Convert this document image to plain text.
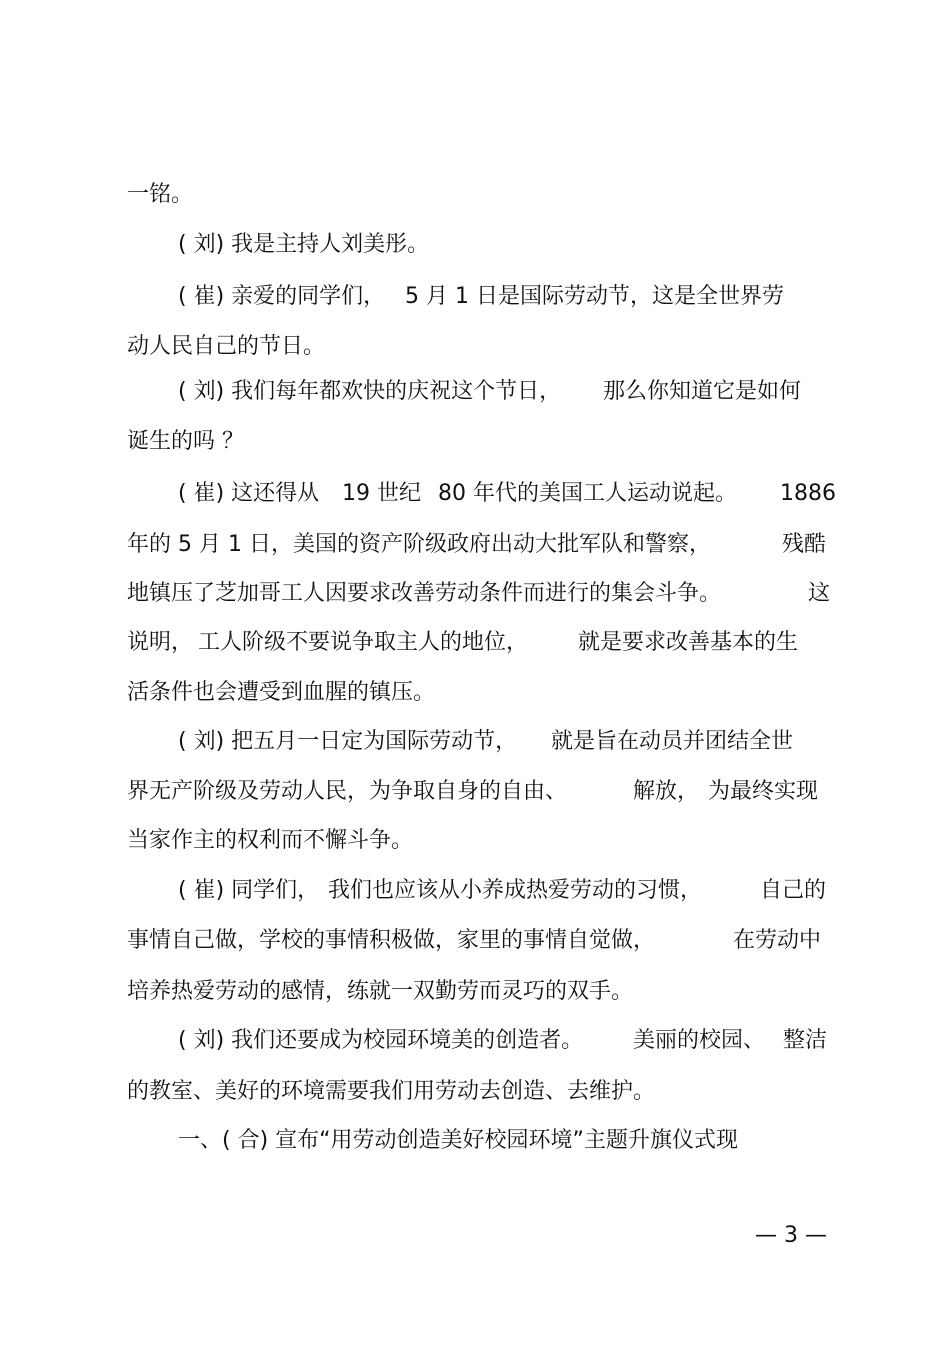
一铭。
( 刘) 我是主持人刘美彤。
( 崔) 亲爱的同学们， 5 月 1 日是国际劳动节，这是全世界劳
动人民自己的节日。
( 刘) 我们每年都欢快的庆祝这个节日， 那么你知道它是如何
诞生的吗 ？
( 崔) 这还得从 19 世纪 80 年代的美国工人运动说起。 1886
年的 5 月 1 日，美国的资产阶级政府出动大批军队和警察，	残酷
地镇压了芝加哥工人因要求改善劳动条件而进行的集会斗争。	这
说明， 工人阶级不要说争取主人的地位， 就是要求改善基本的生
活条件也会遭受到血腥的镇压。
( 刘) 把五月一日定为国际劳动节， 就是旨在动员并团结全世
界无产阶级及劳动人民，为争取自身的自由、	解放， 为最终实现
当家作主的权利而不懈斗争。
( 崔) 同学们， 我们也应该从小养成热爱劳动的习惯，	自己的
事情自己做，学校的事情积极做，家里的事情自觉做，	在劳动中
培养热爱劳动的感情，练就一双勤劳而灵巧的双手。
( 刘) 我们还要成为校园环境美的创造者。 美丽的校园、 整洁
的教室、美好的环境需要我们用劳动去创造、去维护。
一、( 合) 宣布“用劳动创造美好校园环境”主题升旗仪式现
— 3 —
